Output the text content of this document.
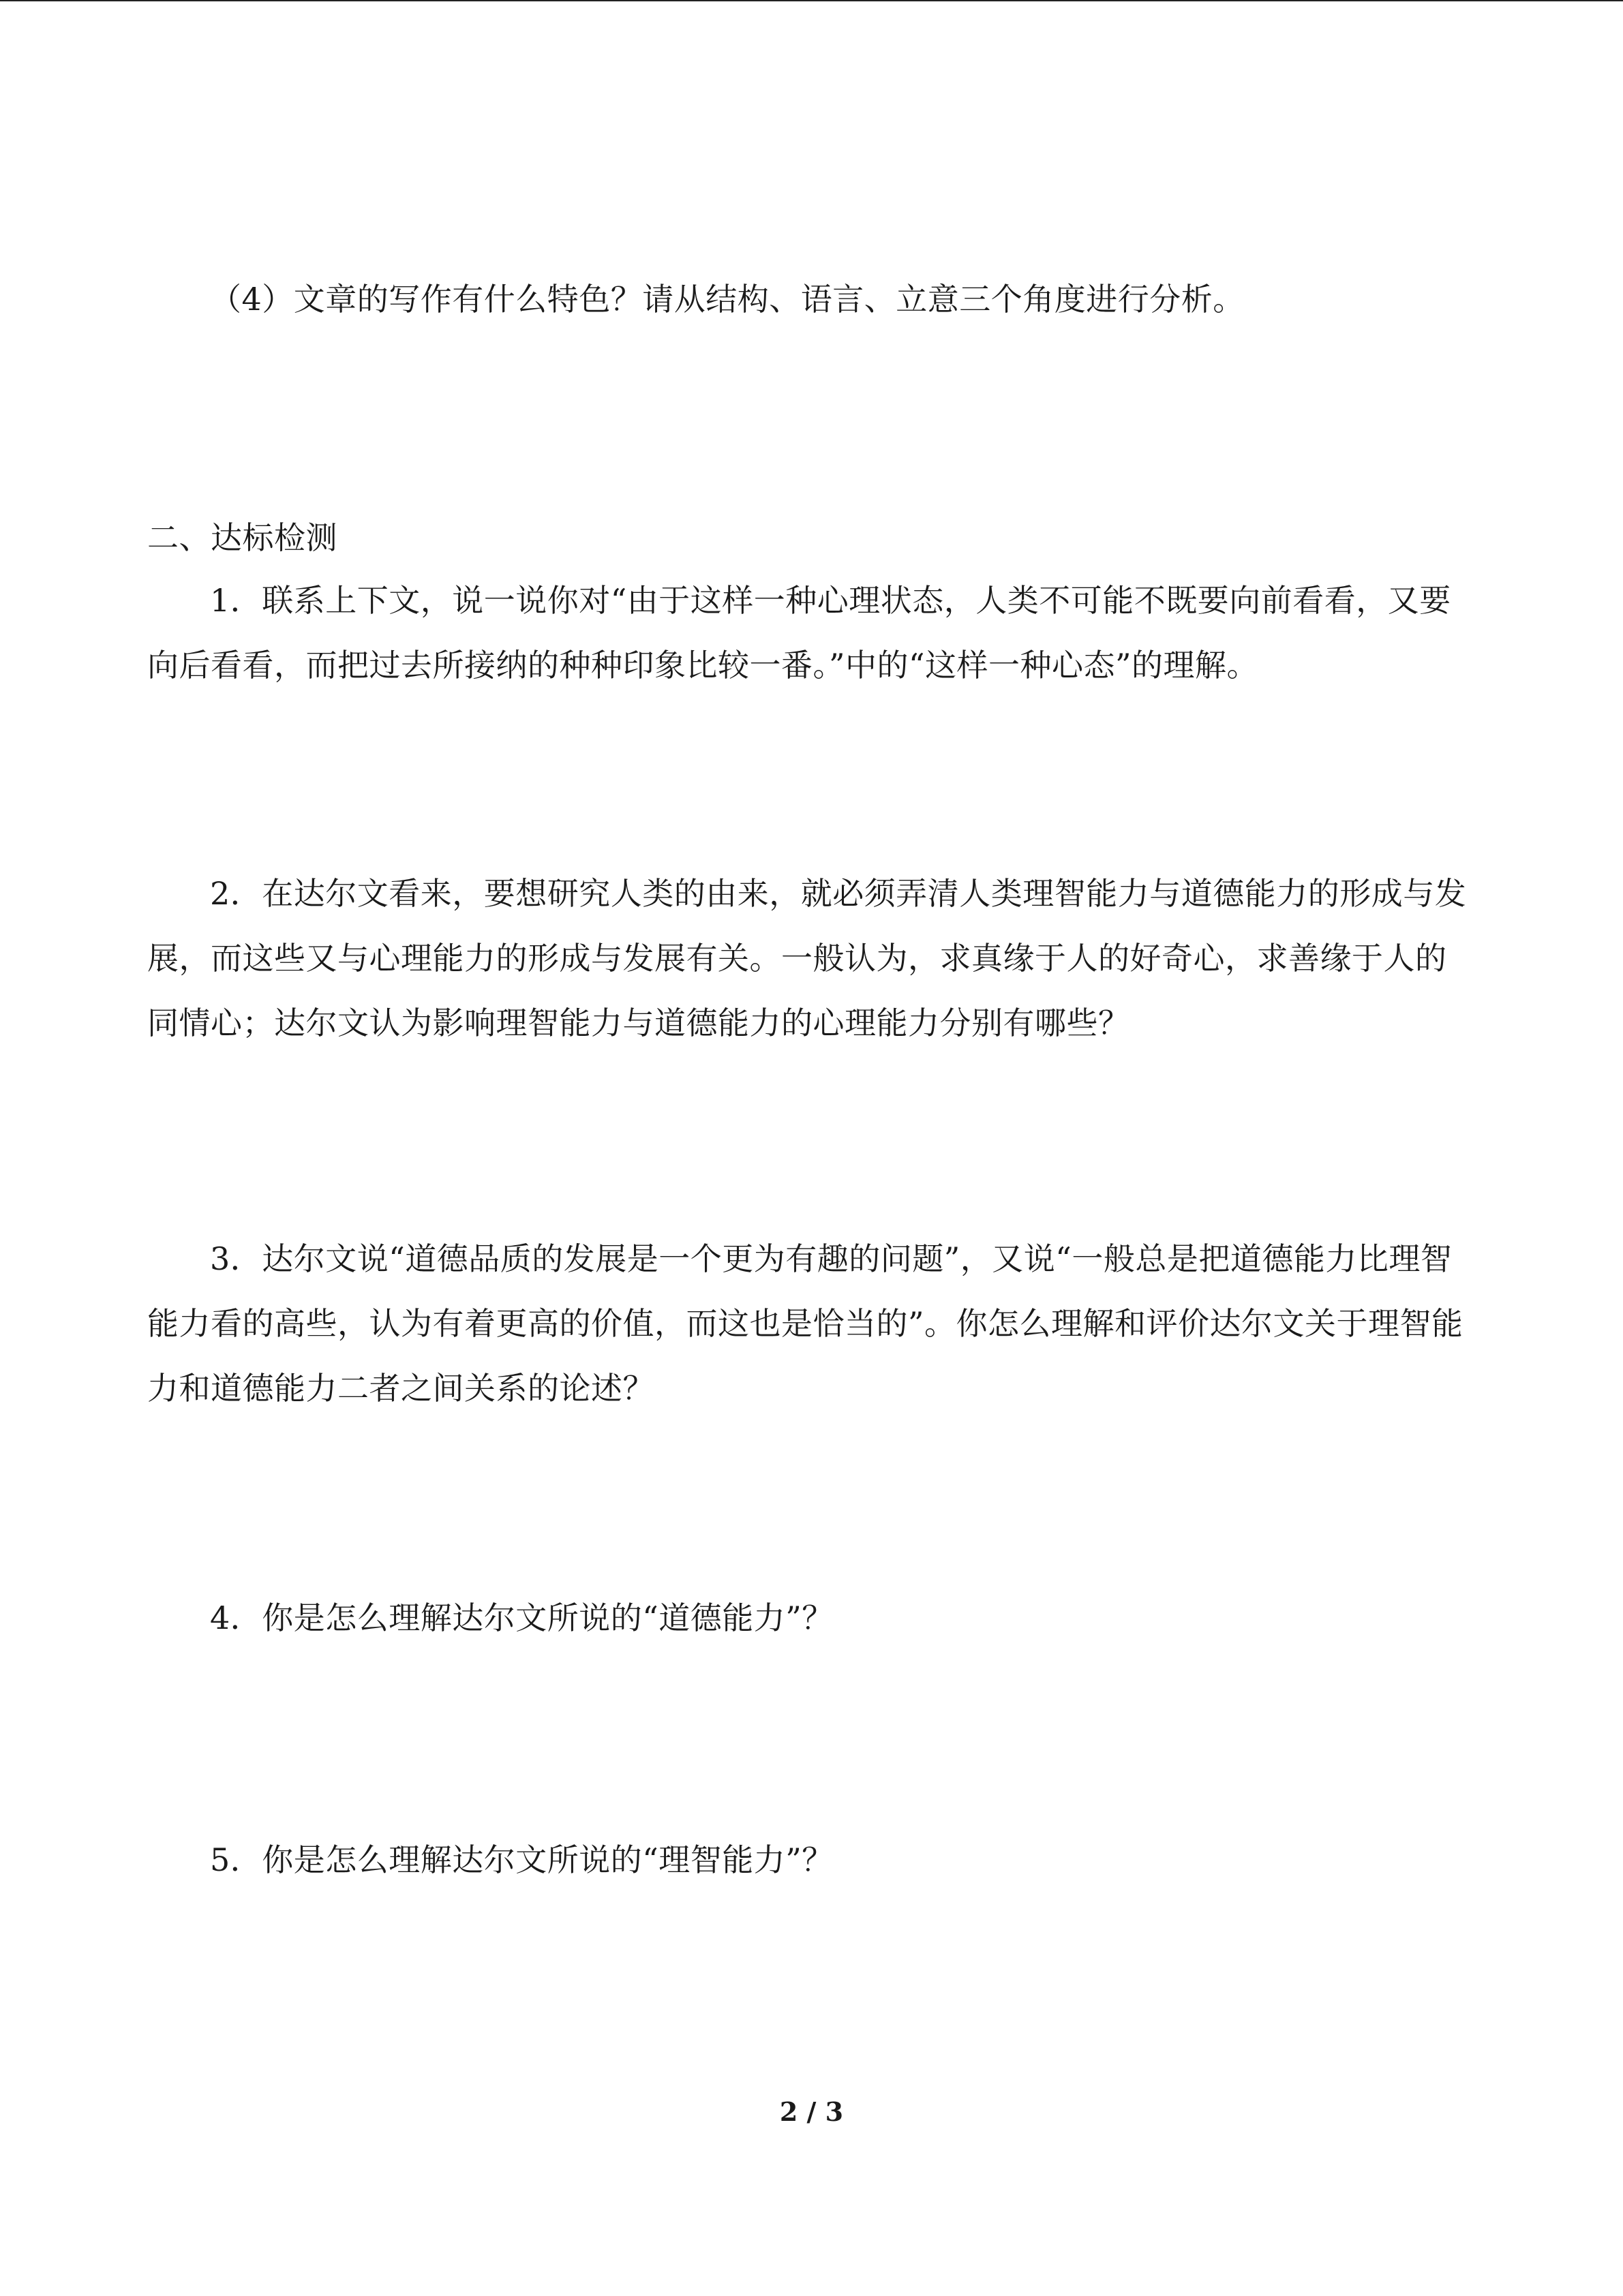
（4）文章的写作有什么特色？请从结构、语言、立意三个角度进行分析。
二、达标检测
1．联系上下文，说一说你对“由于这样一种心理状态，人类不可能不既要向前看看，又要向后看看，而把过去所接纳的种种印象比较一番。”中的“这样一种心态”的理解。
2．在达尔文看来，要想研究人类的由来，就必须弄清人类理智能力与道德能力的形成与发展，而这些又与心理能力的形成与发展有关。一般认为，求真缘于人的好奇心，求善缘于人的同情心；达尔文认为影响理智能力与道德能力的心理能力分别有哪些？
3．达尔文说“道德品质的发展是一个更为有趣的问题”，又说“一般总是把道德能力比理智能力看的高些，认为有着更高的价值，而这也是恰当的”。你怎么理解和评价达尔文关于理智能力和道德能力二者之间关系的论述？
4．你是怎么理解达尔文所说的“道德能力”？
5．你是怎么理解达尔文所说的“理智能力”？
2 / 3
